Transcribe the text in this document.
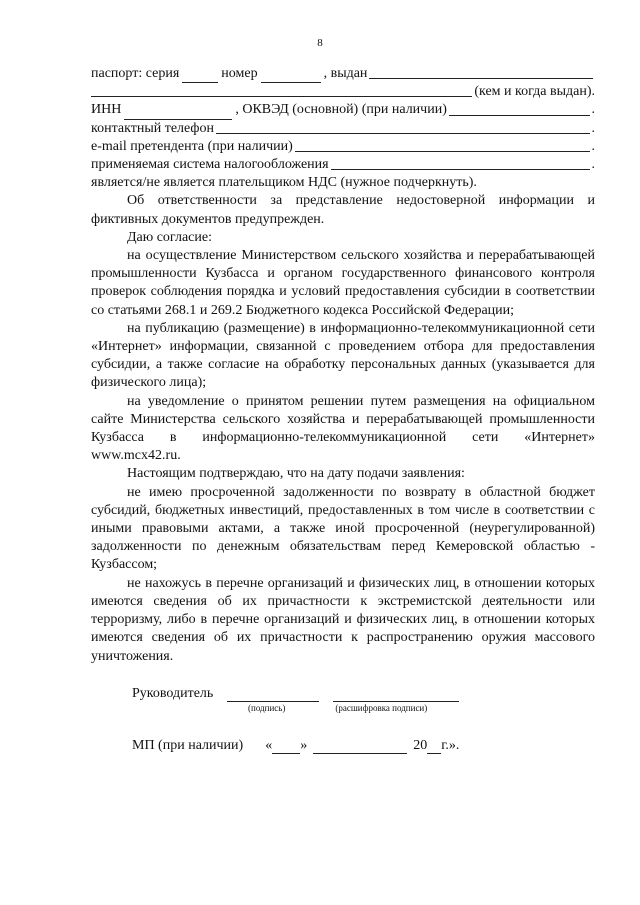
8
паспорт: серия	номер	, выдан
(кем и когда выдан).
ИНН	, ОКВЭД (основной) (при наличии)	.
контактный телефон	.
e-mail претендента (при наличии)	.
применяемая система налогообложения	.
является/не является плательщиком НДС (нужное подчеркнуть).

Об ответственности за представление недостоверной информации и фиктивных документов предупрежден.

Даю согласие:

на осуществление Министерством сельского хозяйства и перерабатывающей промышленности Кузбасса и органом государственного финансового контроля проверок соблюдения порядка и условий предоставления субсидии в соответствии со статьями 268.1 и 269.2 Бюджетного кодекса Российской Федерации;

на публикацию (размещение) в информационно-телекоммуникационной сети «Интернет» информации, связанной с проведением отбора для предоставления субсидии, а также согласие на обработку персональных данных (указывается для физического лица);

на уведомление о принятом решении путем размещения на официальном сайте Министерства сельского хозяйства и перерабатывающей промышленности Кузбасса в информационно-телекоммуникационной сети «Интернет» www.mcx42.ru.

Настоящим подтверждаю, что на дату подачи заявления:

не имею просроченной задолженности по возврату в областной бюджет субсидий, бюджетных инвестиций, предоставленных в том числе в соответствии с иными правовыми актами, а также иной просроченной (неурегулированной) задолженности по денежным обязательствам перед Кемеровской областью - Кузбассом;

не нахожусь в перечне организаций и физических лиц, в отношении которых имеются сведения об их причастности к экстремистской деятельности или терроризму, либо в перечне организаций и физических лиц, в отношении которых имеются сведения об их причастности к распространению оружия массового уничтожения.

Руководитель
(подпись)	(расшифровка подписи)
МП (при наличии) « »	20 г.».
